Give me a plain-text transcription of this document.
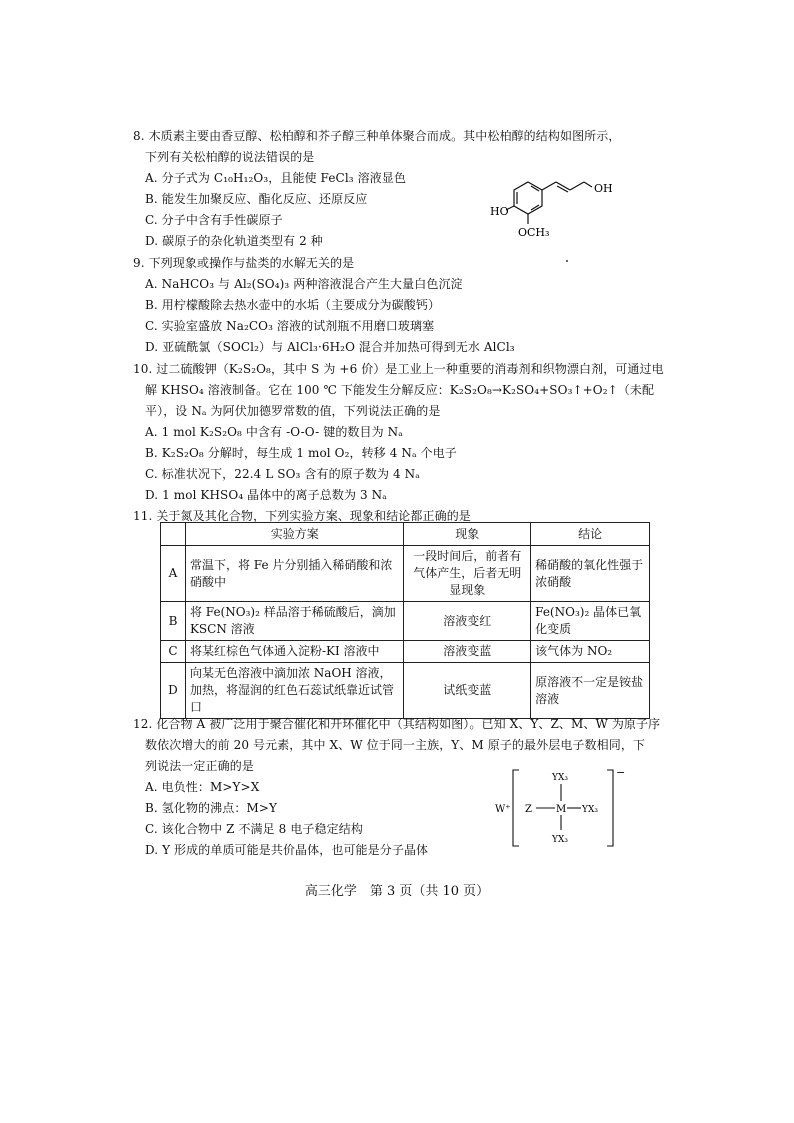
8. 木质素主要由香豆醇、松柏醇和芥子醇三种单体聚合而成。其中松柏醇的结构如图所示，
下列有关松柏醇的说法错误的是
A. 分子式为 C₁₀H₁₂O₃，且能使 FeCl₃ 溶液显色
B. 能发生加聚反应、酯化反应、还原反应
C. 分子中含有手性碳原子
D. 碳原子的杂化轨道类型有 2 种
OH
HO
OCH₃
9. 下列现象或操作与盐类的水解无关的是
A. NaHCO₃ 与 Al₂(SO₄)₃ 两种溶液混合产生大量白色沉淀
B. 用柠檬酸除去热水壶中的水垢（主要成分为碳酸钙）
C. 实验室盛放 Na₂CO₃ 溶液的试剂瓶不用磨口玻璃塞
D. 亚硫酰氯（SOCl₂）与 AlCl₃·6H₂O 混合并加热可得到无水 AlCl₃
10. 过二硫酸钾（K₂S₂O₈，其中 S 为 +6 价）是工业上一种重要的消毒剂和织物漂白剂，可通过电
解 KHSO₄ 溶液制备。它在 100 ℃ 下能发生分解反应：K₂S₂O₈→K₂SO₄+SO₃↑+O₂↑（未配
平），设 Nₐ 为阿伏加德罗常数的值，下列说法正确的是
A. 1 mol K₂S₂O₈ 中含有 -O-O- 键的数目为 Nₐ
B. K₂S₂O₈ 分解时，每生成 1 mol O₂，转移 4 Nₐ 个电子
C. 标准状况下，22.4 L SO₃ 含有的原子数为 4 Nₐ
D. 1 mol KHSO₄ 晶体中的离子总数为 3 Nₐ
11. 关于氮及其化合物，下列实验方案、现象和结论都正确的是
	实验方案	现象	结论
A	常温下，将 Fe 片分别插入稀硝酸和浓硝酸中	一段时间后，前者有气体产生，后者无明显现象	稀硝酸的氧化性强于浓硝酸
B	将 Fe(NO₃)₂ 样品溶于稀硫酸后，滴加 KSCN 溶液	溶液变红	Fe(NO₃)₂ 晶体已氧化变质
C	将某红棕色气体通入淀粉-KI 溶液中	溶液变蓝	该气体为 NO₂
D	向某无色溶液中滴加浓 NaOH 溶液，加热，将湿润的红色石蕊试纸靠近试管口	试纸变蓝	原溶液不一定是铵盐溶液
12. 化合物 A 被广泛用于聚合催化和开环催化中（其结构如图）。已知 X、Y、Z、M、W 为原子序
数依次增大的前 20 号元素，其中 X、W 位于同一主族，Y、M 原子的最外层电子数相同，下
列说法一定正确的是
A. 电负性：M>Y>X
B. 氢化物的沸点：M>Y
C. 该化合物中 Z 不满足 8 电子稳定结构
D. Y 形成的单质可能是共价晶体，也可能是分子晶体
W⁺ Z M
YX₃
YX₃
YX₃
−
高三化学　第 3 页（共 10 页）
